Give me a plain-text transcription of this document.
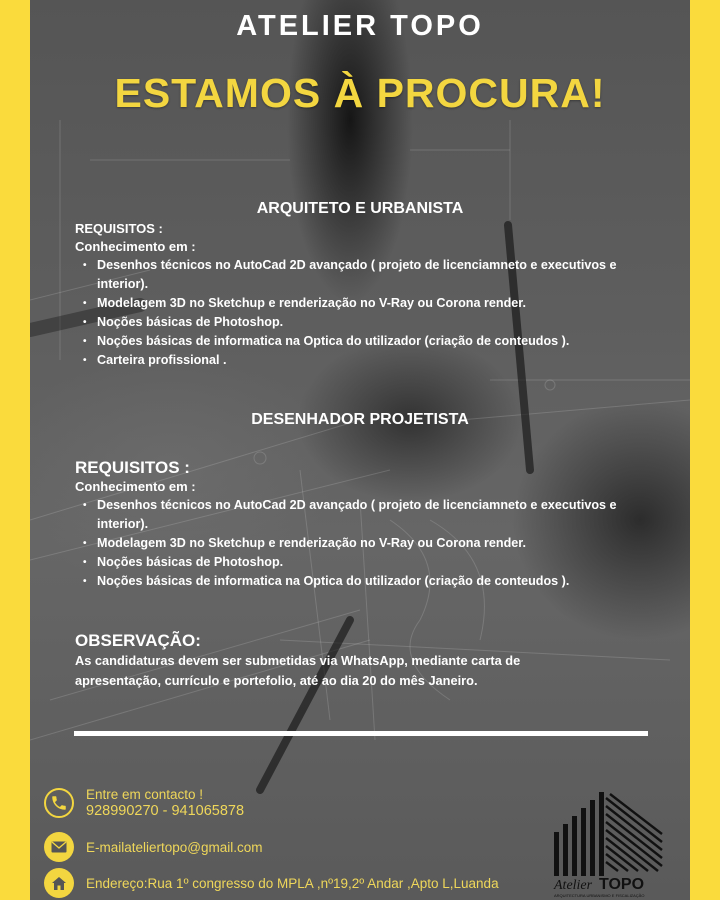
ATELIER TOPO
ESTAMOS À PROCURA!
ARQUITETO E URBANISTA
REQUISITOS :
Conhecimento em :
• Desenhos técnicos no AutoCad 2D avançado ( projeto de licenciamneto e executivos e interior).
• Modelagem 3D no Sketchup e renderização no V-Ray ou Corona render.
• Noções básicas de Photoshop.
• Noções básicas de informatica na Optica do utilizador (criação de conteudos ).
• Carteira profissional .
DESENHADOR PROJETISTA
REQUISITOS :
Conhecimento em :
• Desenhos técnicos no AutoCad 2D avançado ( projeto de licenciamneto e executivos e interior).
• Modelagem 3D no Sketchup e renderização no V-Ray ou Corona render.
• Noções básicas de Photoshop.
• Noções básicas de informatica na Optica do utilizador (criação de conteudos ).
OBSERVAÇÃO:
As candidaturas devem ser submetidas via WhatsApp, mediante carta de apresentação, currículo e portefolio, até ao dia 20 do mês Janeiro.
Entre em contacto !
928990270 - 941065878
E-mailateliertopo@gmail.com
Endereço:Rua 1º congresso do MPLA ,nº19,2º Andar ,Apto L,Luanda	Atelier TOPO
ARQUITECTURA URBANISMO E FISCALIZAÇÃO
